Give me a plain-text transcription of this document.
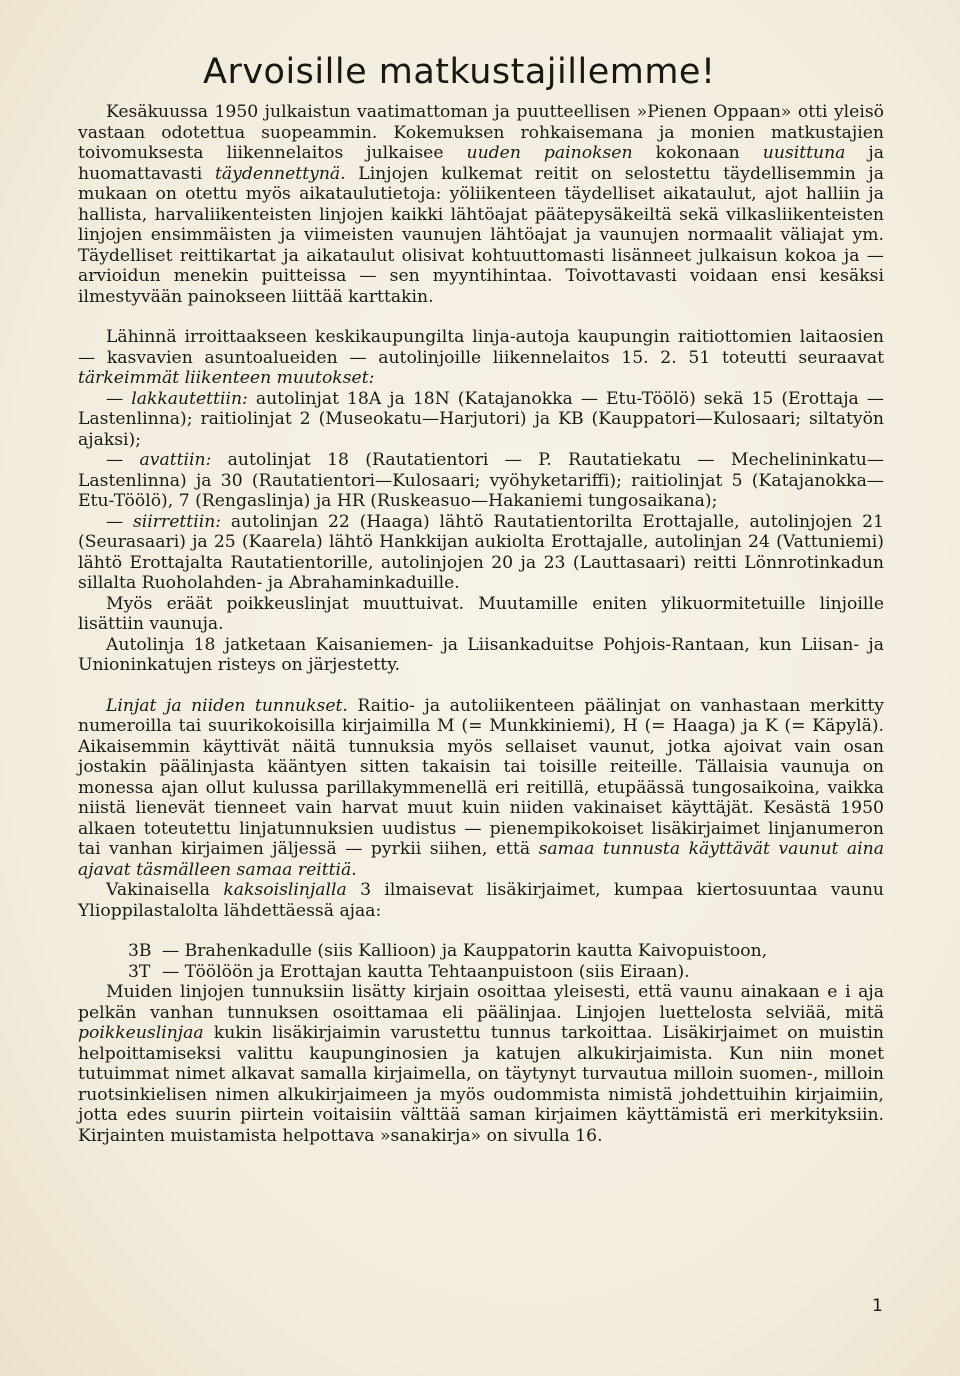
Arvoisille matkustajillemme!

Kesäkuussa 1950 julkaistun vaatimattoman ja puutteellisen »Pienen Oppaan» otti yleisö vastaan odotettua suopeammin. Kokemuksen rohkaisemana ja monien matkustajien toivomuksesta liikennelaitos julkaisee uuden painoksen kokonaan uusittuna ja huomattavasti täydennettynä. Linjojen kulkemat reitit on selostettu täydellisemmin ja mukaan on otettu myös aikataulutietoja: yöliikenteen täydelliset aikataulut, ajot halliin ja hallista, harvaliikenteisten linjojen kaikki lähtöajat päätepysäkeiltä sekä vilkasliikenteisten linjojen ensimmäisten ja viimeisten vaunujen lähtöajat ja vaunujen normaalit väliajat ym. Täydelliset reittikartat ja aikataulut olisivat kohtuuttomasti lisänneet julkaisun kokoa ja — arvioidun menekin puitteissa — sen myyntihintaa. Toivottavasti voidaan ensi kesäksi ilmestyvään painokseen liittää karttakin.

Lähinnä irroittaakseen keskikaupungilta linja-autoja kaupungin raitiottomien laitaosien — kasvavien asuntoalueiden — autolinjoille liikennelaitos 15. 2. 51 toteutti seuraavat tärkeimmät liikenteen muutokset:

— lakkautettiin: autolinjat 18A ja 18N (Katajanokka — Etu-Töölö) sekä 15 (Erottaja — Lastenlinna); raitiolinjat 2 (Museokatu—Harjutori) ja KB (Kauppatori—Kulosaari; siltatyön ajaksi);

— avattiin: autolinjat 18 (Rautatientori — P. Rautatiekatu — Mechelininkatu—Lastenlinna) ja 30 (Rautatientori—Kulosaari; vyöhyketariffi); raitiolinjat 5 (Katajanokka—Etu-Töölö), 7 (Rengaslinja) ja HR (Ruskeasuo—Hakaniemi tungosaikana);

— siirrettiin: autolinjan 22 (Haaga) lähtö Rautatientorilta Erottajalle, autolinjojen 21 (Seurasaari) ja 25 (Kaarela) lähtö Hankkijan aukiolta Erottajalle, autolinjan 24 (Vattuniemi) lähtö Erottajalta Rautatientorille, autolinjojen 20 ja 23 (Lauttasaari) reitti Lönnrotinkadun sillalta Ruoholahden- ja Abrahaminkaduille.

Myös eräät poikkeuslinjat muuttuivat. Muutamille eniten ylikuormitetuille linjoille lisättiin vaunuja.

Autolinja 18 jatketaan Kaisaniemen- ja Liisankaduitse Pohjois-Rantaan, kun Liisan- ja Unioninkatujen risteys on järjestetty.

Linjat ja niiden tunnukset. Raitio- ja autoliikenteen päälinjat on vanhastaan merkitty numeroilla tai suurikokoisilla kirjaimilla M (= Munkkiniemi), H (= Haaga) ja K (= Käpylä). Aikaisemmin käyttivät näitä tunnuksia myös sellaiset vaunut, jotka ajoivat vain osan jostakin päälinjasta kääntyen sitten takaisin tai toisille reiteille. Tällaisia vaunuja on monessa ajan ollut kulussa parillakymmenellä eri reitillä, etupäässä tungosaikoina, vaikka niistä lienevät tienneet vain harvat muut kuin niiden vakinaiset käyttäjät. Kesästä 1950 alkaen toteutettu linjatunnuksien uudistus — pienempikokoiset lisäkirjaimet linjanumeron tai vanhan kirjaimen jäljessä — pyrkii siihen, että samaa tunnusta käyttävät vaunut aina ajavat täsmälleen samaa reittiä.

Vakinaisella kaksoislinjalla 3 ilmaisevat lisäkirjaimet, kumpaa kiertosuuntaa vaunu Ylioppilastalolta lähdettäessä ajaa:

3B — Brahenkadulle (siis Kallioon) ja Kauppatorin kautta Kaivopuistoon,

3T — Töölöön ja Erottajan kautta Tehtaanpuistoon (siis Eiraan).

Muiden linjojen tunnuksiin lisätty kirjain osoittaa yleisesti, että vaunu ainakaan e i aja pelkän vanhan tunnuksen osoittamaa eli päälinjaa. Linjojen luettelosta selviää, mitä poikkeuslinjaa kukin lisäkirjaimin varustettu tunnus tarkoittaa. Lisäkirjaimet on muistin helpoittamiseksi valittu kaupunginosien ja katujen alkukirjaimista. Kun niin monet tutuimmat nimet alkavat samalla kirjaimella, on täytynyt turvautua milloin suomen-, milloin ruotsinkielisen nimen alkukirjaimeen ja myös oudommista nimistä johdettuihin kirjaimiin, jotta edes suurin piirtein voitaisiin välttää saman kirjaimen käyttämistä eri merkityksiin. Kirjainten muistamista helpottava »sanakirja» on sivulla 16.

1
